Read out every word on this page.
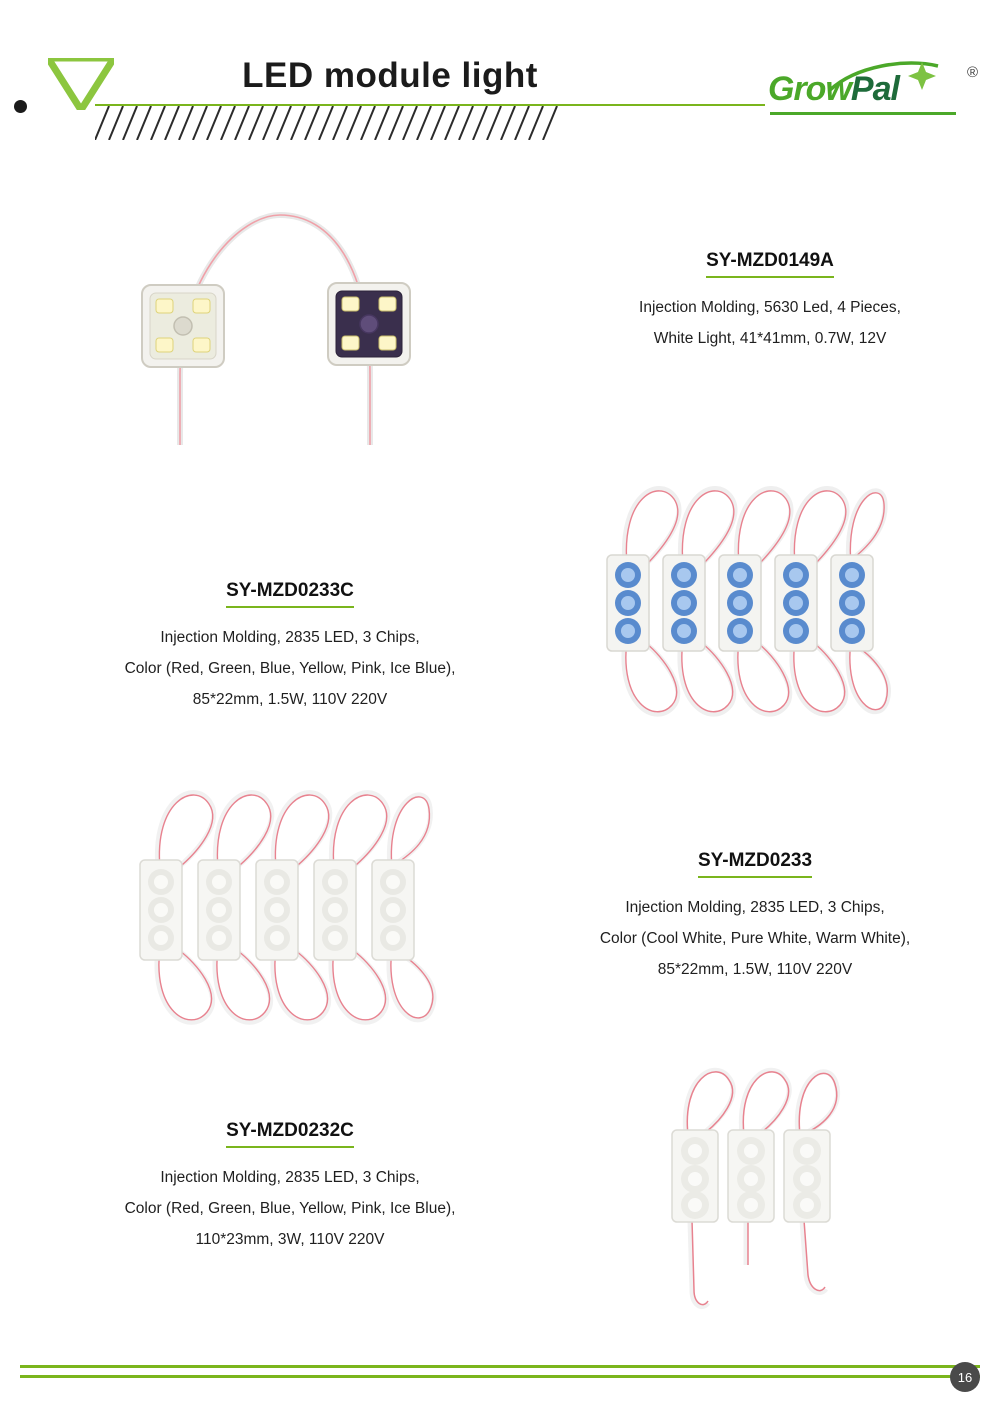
LED module light	GrowPal	®
SY-MZD0149A
Injection Molding, 5630 Led, 4 Pieces,
White Light, 41*41mm, 0.7W, 12V
SY-MZD0233C
Injection Molding, 2835 LED, 3 Chips,
Color (Red, Green, Blue, Yellow, Pink, Ice Blue),
85*22mm, 1.5W, 110V 220V
SY-MZD0233
Injection Molding, 2835 LED, 3 Chips,
Color (Cool White, Pure White, Warm White),
85*22mm, 1.5W, 110V 220V
SY-MZD0232C
Injection Molding, 2835 LED, 3 Chips,
Color (Red, Green, Blue, Yellow, Pink, Ice Blue),
110*23mm, 3W, 110V 220V
16
